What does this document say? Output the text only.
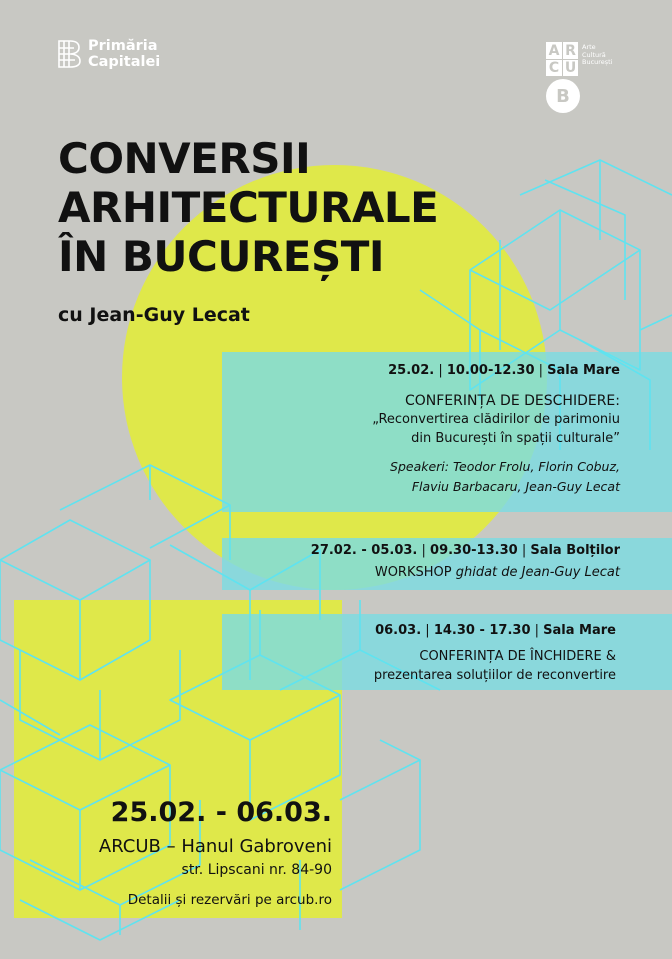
Primăria
Capitalei
A R
C U
B
Arte
Cultură
București
CONVERSII
ARHITECTURALE
ÎN BUCUREȘTI
cu Jean-Guy Lecat
25.02. | 10.00-12.30 | Sala Mare
CONFERINȚA DE DESCHIDERE:
„Reconvertirea clădirilor de parimoniu
din București în spații culturale”
Speakeri: Teodor Frolu, Florin Cobuz,
Flaviu Barbacaru, Jean-Guy Lecat
27.02. - 05.03. | 09.30-13.30 | Sala Bolților
WORKSHOP ghidat de Jean-Guy Lecat
06.03. | 14.30 - 17.30 | Sala Mare
CONFERINȚA DE ÎNCHIDERE &
prezentarea soluțiilor de reconvertire
25.02. - 06.03.
ARCUB – Hanul Gabroveni
str. Lipscani nr. 84-90
Detalii și rezervări pe arcub.ro
